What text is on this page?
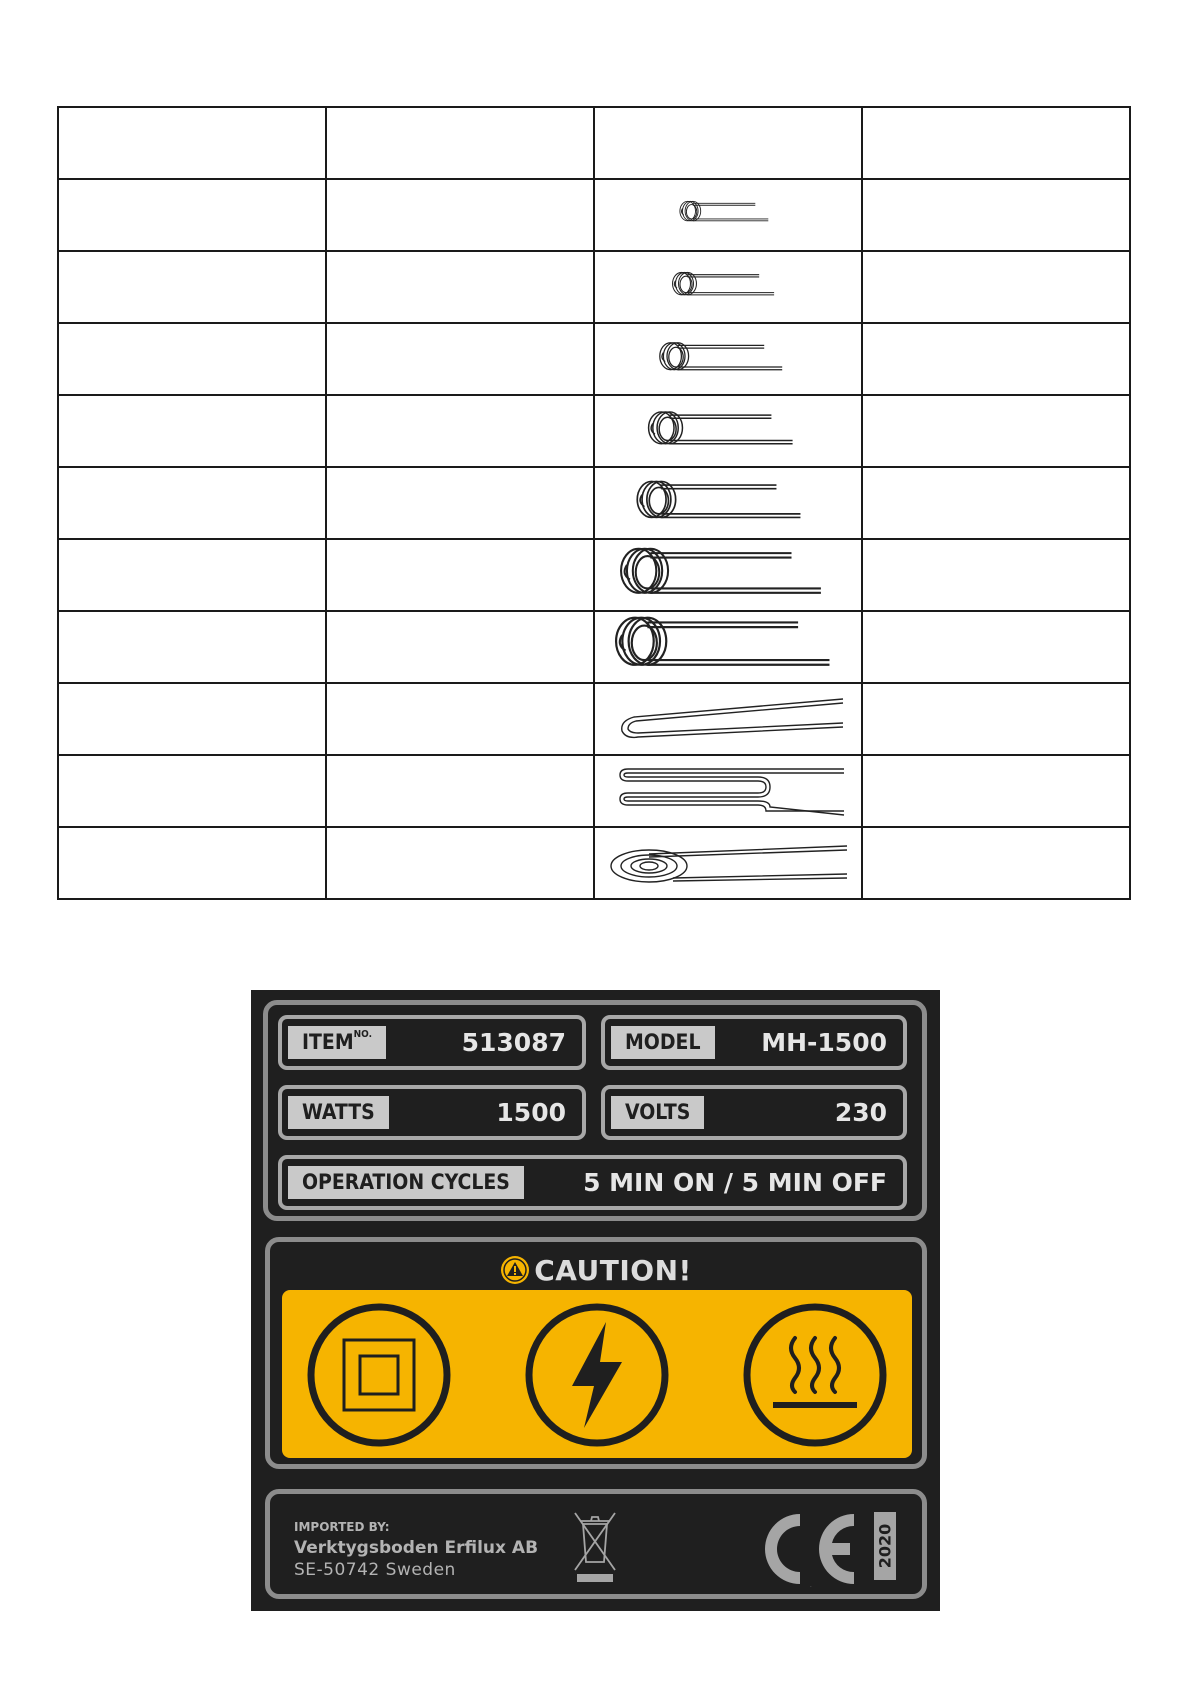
$ITEM^{NO.}$	513087	MODEL	MH-1500
WATTS	1500	VOLTS	230
OPERATION CYCLES	5 MIN ON / 5 MIN OFF
CAUTION!
IMPORTED BY:
Verktygsboden Erfilux AB
SE-50742 Sweden
CE
2020
